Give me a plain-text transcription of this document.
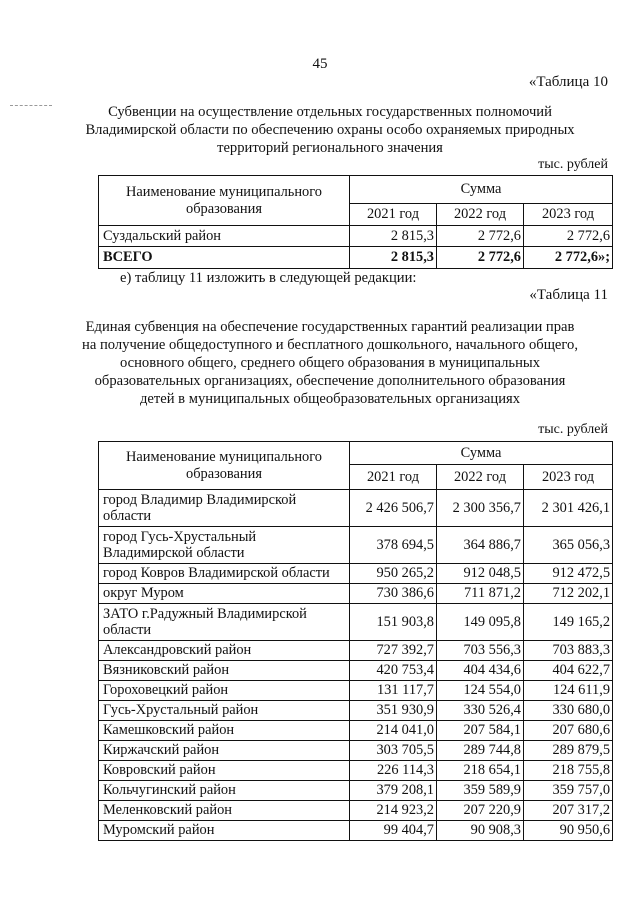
45
«Таблица 10
Субвенции на осуществление отдельных государственных полномочий
Владимирской области по обеспечению охраны особо охраняемых природных
территорий регионального значения
тыс. рублей
Наименование муниципального образования	Сумма		
	2021 год	2022 год	2023 год
Суздальский район	2 815,3	2 772,6	2 772,6
ВСЕГО	2 815,3	2 772,6	2 772,6»;
е) таблицу 11 изложить в следующей редакции:
«Таблица 11
Единая субвенция на обеспечение государственных гарантий реализации прав
на получение общедоступного и бесплатного дошкольного, начального общего,
основного общего, среднего общего образования в муниципальных
образовательных организациях, обеспечение дополнительного образования
детей в муниципальных общеобразовательных организациях
тыс. рублей
Наименование муниципального образования	Сумма		
	2021 год	2022 год	2023 год
город Владимир Владимирской области	2 426 506,7	2 300 356,7	2 301 426,1
город Гусь-Хрустальный Владимирской области	378 694,5	364 886,7	365 056,3
город Ковров Владимирской области	950 265,2	912 048,5	912 472,5
округ Муром	730 386,6	711 871,2	712 202,1
ЗАТО г.Радужный Владимирской области	151 903,8	149 095,8	149 165,2
Александровский район	727 392,7	703 556,3	703 883,3
Вязниковский район	420 753,4	404 434,6	404 622,7
Гороховецкий район	131 117,7	124 554,0	124 611,9
Гусь-Хрустальный район	351 930,9	330 526,4	330 680,0
Камешковский район	214 041,0	207 584,1	207 680,6
Киржачский район	303 705,5	289 744,8	289 879,5
Ковровский район	226 114,3	218 654,1	218 755,8
Кольчугинский район	379 208,1	359 589,9	359 757,0
Меленковский район	214 923,2	207 220,9	207 317,2
Муромский район	99 404,7	90 908,3	90 950,6
